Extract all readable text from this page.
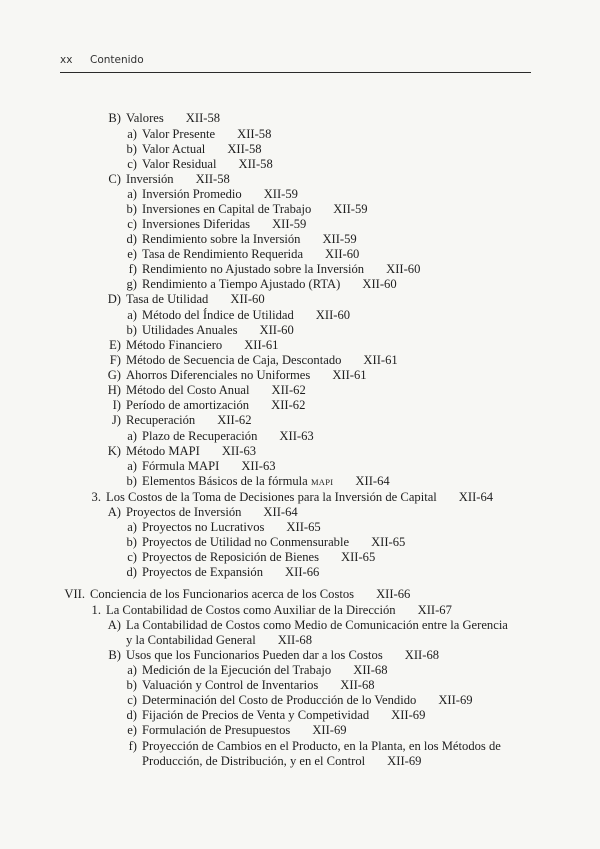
xx Contenido
B) Valores XII-58
a) Valor Presente XII-58
b) Valor Actual XII-58
c) Valor Residual XII-58
C) Inversión XII-58
a) Inversión Promedio XII-59
b) Inversiones en Capital de Trabajo XII-59
c) Inversiones Diferidas XII-59
d) Rendimiento sobre la Inversión XII-59
e) Tasa de Rendimiento Requerida XII-60
f) Rendimiento no Ajustado sobre la Inversión XII-60
g) Rendimiento a Tiempo Ajustado (RTA) XII-60
D) Tasa de Utilidad XII-60
a) Método del Índice de Utilidad XII-60
b) Utilidades Anuales XII-60
E) Método Financiero XII-61
F) Método de Secuencia de Caja, Descontado XII-61
G) Ahorros Diferenciales no Uniformes XII-61
H) Método del Costo Anual XII-62
I) Período de amortización XII-62
J) Recuperación XII-62
a) Plazo de Recuperación XII-63
K) Método MAPI XII-63
a) Fórmula MAPI XII-63
b) Elementos Básicos de la fórmula MAPI XII-64
3. Los Costos de la Toma de Decisiones para la Inversión de Capital XII-64
A) Proyectos de Inversión XII-64
a) Proyectos no Lucrativos XII-65
b) Proyectos de Utilidad no Conmensurable XII-65
c) Proyectos de Reposición de Bienes XII-65
d) Proyectos de Expansión XII-66
VII. Conciencia de los Funcionarios acerca de los Costos XII-66
1. La Contabilidad de Costos como Auxiliar de la Dirección XII-67
A) La Contabilidad de Costos como Medio de Comunicación entre la Gerencia
y la Contabilidad General XII-68
B) Usos que los Funcionarios Pueden dar a los Costos XII-68
a) Medición de la Ejecución del Trabajo XII-68
b) Valuación y Control de Inventarios XII-68
c) Determinación del Costo de Producción de lo Vendido XII-69
d) Fijación de Precios de Venta y Competividad XII-69
e) Formulación de Presupuestos XII-69
f) Proyección de Cambios en el Producto, en la Planta, en los Métodos de
Producción, de Distribución, y en el Control XII-69
